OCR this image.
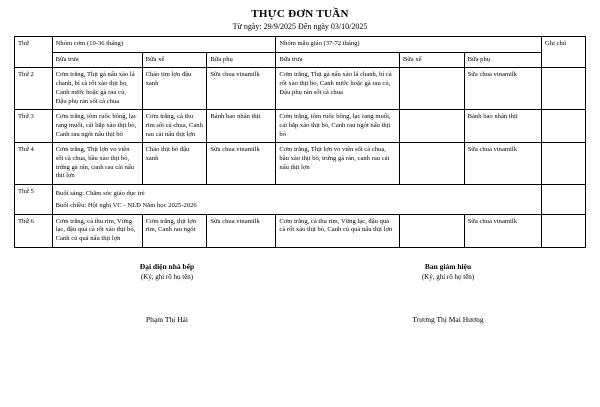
THỰC ĐƠN TUẦN
Từ ngày: 29/9/2025 Đến ngày 03/10/2025
Thứ	Nhóm cơm (19-36 tháng)			Nhóm mẫu giáo (37-72 tháng)			Ghi chú
	Bữa trưa	Bữa xế	Bữa phụ	Bữa trưa	Bữa xế	Bữa phụ	
Thứ 2	Cơm trắng, Thịt gà nấu xào lá chanh, bí cà rốt xào thịt bo, Canh nước hoặc gà rau củ, Đậu phụ rán sốt cà chua	Cháo tim lợn đậu xanh	Sữa chua vinamilk	Cơm trắng, Thịt gà nấu xào lá chanh, bí cà rốt xào thịt bo, Canh nước hoặc gà rau củ, Đậu phụ rán sốt cà chua		Sữa chua vinamilk	
Thứ 3	Cơm trắng, tôm ruốc bông, lạc rang muối, cải bắp xào thịt bò, Canh rau ngót nấu thịt bò	Cơm trắng, cá thu rim sốt cà chua, Canh rau cải nấu thịt lợn	Bánh bao nhân thịt	Cơm trắng, tôm ruốc bông, lạc rang muối, cải bắp xào thịt bò, Canh rau ngót nấu thịt bò		Bánh bao nhân thịt	
Thứ 4	Cơm trắng, Thịt lợn vo viên sốt cà chua, bầu xào thịt bò, trứng gà rán, canh rau cải nấu thịt lợn	Cháo thịt bò đậu xanh	Sữa chua vinamilk	Cơm trắng, Thịt lợn vo viên sốt cà chua, bầu xào thịt bò, trứng gà rán, canh rau cải nấu thịt lợn		Sữa chua vinamilk	
Thứ 5	Buổi sáng: Chăm sóc giáo dục trẻ
Buổi chiều: Hội nghị VC - NLĐ Năm học 2025-2026						

Thứ 6	Cơm trắng, cá thu rim, Vừng lạc, đậu quả cà rốt xào thịt bò, Canh củ quả nấu thịt lợn	Cơm trắng, thịt lợn rim, Canh rau ngót	Sữa chua vinamilk	Cơm trắng, cá thu rim, Vừng lạc, đậu quả cà rốt xào thịt bò, Canh củ quả nấu thịt lợn		Sữa chua vinamilk	
Đại diện nhà bếp
(Ký, ghi rõ họ tên)
Phạm Thị Hải
Ban giám hiệu
(Ký, ghi rõ họ tên)
Trương Thị Mai Hương
